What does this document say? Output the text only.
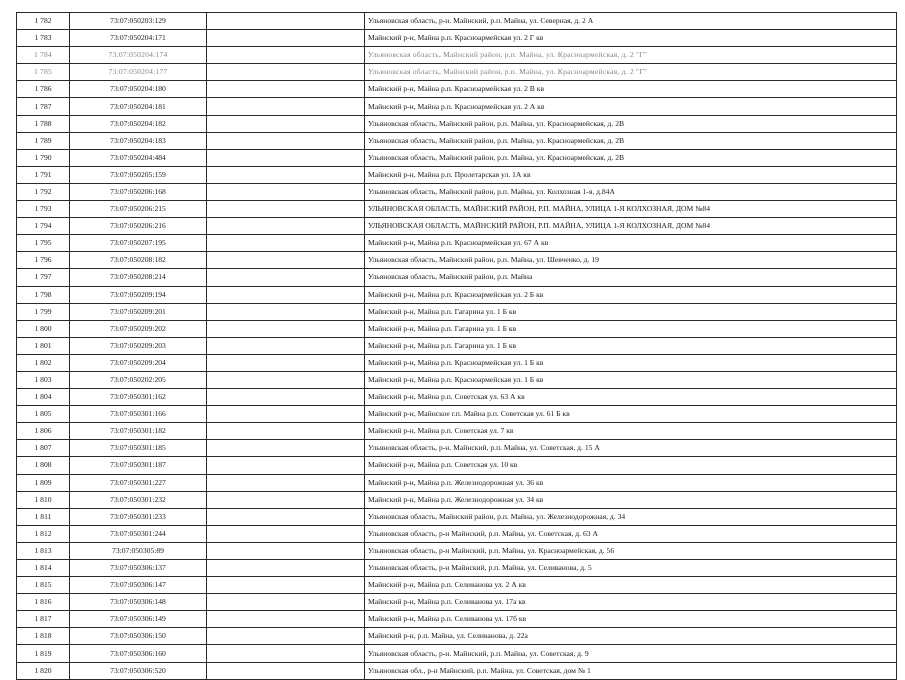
1 782	73:07:050203:129		Ульяновская область, р-н. Майнский, р.п. Майна, ул. Северная, д. 2 А
1 783	73:07:050204:171		Майнский р-н, Майна р.п. Красноармейская ул. 2 Г кв
1 784	73:07:050204:174		Ульяновская область, Майнский район, р.п. Майна, ул. Красноармейская, д. 2 "Г"
1 785	73:07:050204:177		Ульяновская область, Майнский район, р.п. Майна, ул. Красноармейская, д. 2 "Г"
1 786	73:07:050204:180		Майнский р-н, Майна р.п. Красноармейская ул. 2 В кв
1 787	73:07:050204:181		Майнский р-н, Майна р.п. Красноармейская ул. 2 А кв
1 788	73:07:050204:182		Ульяновская область, Майнский район, р.п. Майна, ул. Красноармейская, д. 2В
1 789	73:07:050204:183		Ульяновская область, Майнский район, р.п. Майна, ул. Красноармейская, д. 2В
1 790	73:07:050204:484		Ульяновская область, Майнский район, р.п. Майна, ул. Красноармейская, д. 2В
1 791	73:07:050205:159		Майнский р-н, Майна р.п. Пролетарская ул. 1А кв
1 792	73:07:050206:168		Ульяновская область, Майнский район, р.п. Майна, ул. Колхозная 1-я, д.84А
1 793	73:07:050206:215		УЛЬЯНОВСКАЯ ОБЛАСТЬ, МАЙНСКИЙ РАЙОН, Р.П. МАЙНА, УЛИЦА 1-Я КОЛХОЗНАЯ, ДОМ №84
1 794	73:07:050206:216		УЛЬЯНОВСКАЯ ОБЛАСТЬ, МАЙНСКИЙ РАЙОН, Р.П. МАЙНА, УЛИЦА 1-Я КОЛХОЗНАЯ, ДОМ №84
1 795	73:07:050207:195		Майнский р-н, Майна р.п. Красноармейская ул. 67 А кв
1 796	73:07:050208:182		Ульяновская область, Майнский район, р.п. Майна, ул. Шевченко, д. 19
1 797	73:07:050208:214		Ульяновская область, Майнский район, р.п. Майна
1 798	73:07:050209:194		Майнский р-н, Майна р.п. Красноармейская ул. 2 Б кв
1 799	73:07:050209:201		Майнский р-н, Майна р.п. Гагарина ул. 1 Б кв
1 800	73:07:050209:202		Майнский р-н, Майна р.п. Гагарина ул. 1 Б кв
1 801	73:07:050209:203		Майнский р-н, Майна р.п. Гагарина ул. 1 Б кв
1 802	73:07:050209:204		Майнский р-н, Майна р.п. Красноармейская ул. 1 Б кв
1 803	73:07:050202:205		Майнский р-н, Майна р.п. Красноармейская ул. 1 Б кв
1 804	73:07:050301:162		Майнский р-н, Майна р.п. Советская ул. 63 А кв
1 805	73:07:050301:166		Майнский р-н, Майнское г.п. Майна р.п. Советская ул. 61 Б кв
1 806	73:07:050301:182		Майнский р-н, Майна р.п. Советская ул. 7 кв
1 807	73:07:050301:185		Ульяновская область, р-н. Майнский, р.п. Майна, ул. Советская, д. 15 А
1 808	73:07:050301:187		Майнский р-н, Майна р.п. Советская ул. 10 кв
1 809	73:07:050301:227		Майнский р-н, Майна р.п. Железнодорожная ул. 36 кв
1 810	73:07:050301:232		Майнский р-н, Майна р.п. Железнодорожная ул. 34 кв
1 811	73:07:050301:233		Ульяновская область, Майнский район, р.п. Майна, ул. Железнодорожная, д. 34
1 812	73:07:050301:244		Ульяновская область, р-н Майнский, р.п. Майна, ул. Советская, д. 63 А
1 813	73:07:050305:89		Ульяновская область, р-н Майнский, р.п. Майна, ул. Красноармейская, д. 56
1 814	73:07:050306:137		Ульяновская область, р-н Майнский, р.п. Майна, ул. Селиванова, д. 5
1 815	73:07:050306:147		Майнский р-н, Майна р.п. Селиванова ул. 2 А кв
1 816	73:07:050306:148		Майнский р-н, Майна р.п. Селиванова ул. 17а кв
1 817	73:07:050306:149		Майнский р-н, Майна р.п. Селиванова ул. 17б кв
1 818	73:07:050306:150		Майнский р-н, р.п. Майна, ул. Селиванова, д. 22а
1 819	73:07:050306:160		Ульяновская область, р-н. Майнский, р.п. Майна, ул. Советская, д. 9
1 820	73:07:050306:520		Ульяновская обл., р-н Майнский, р.п. Майна, ул. Советская, дом № 1
